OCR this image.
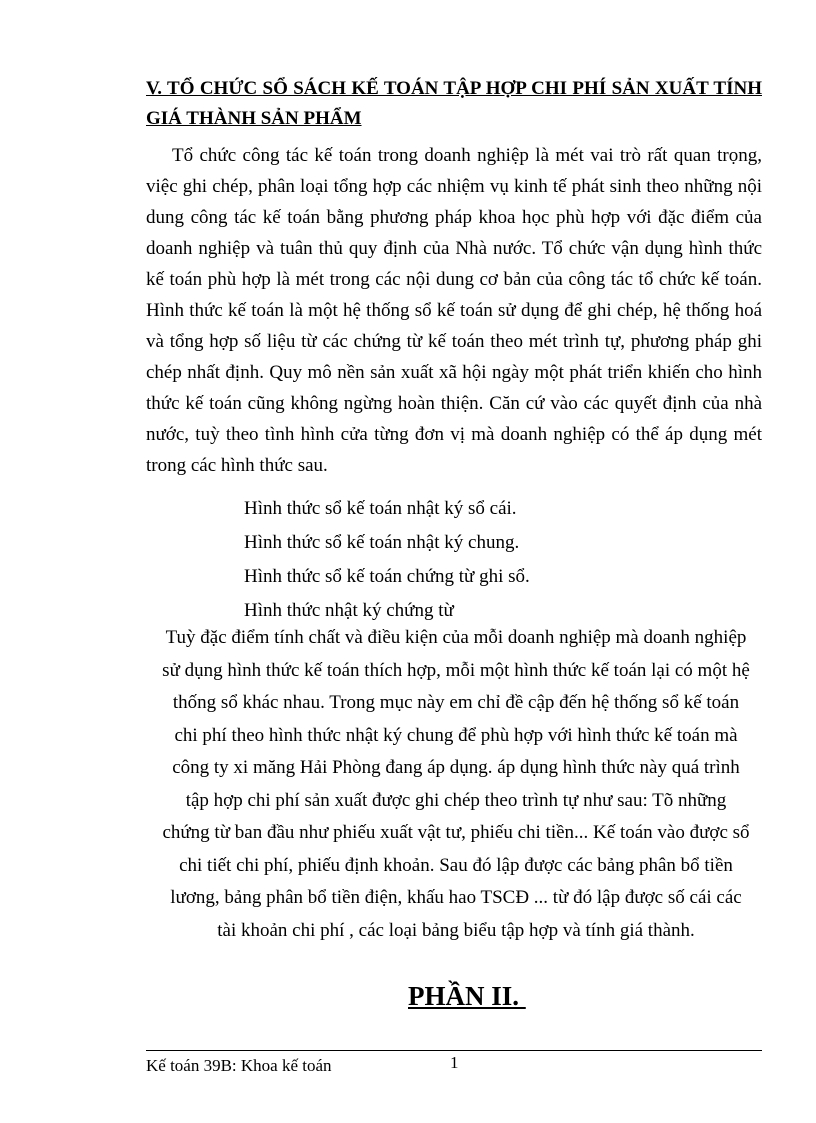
V. TỔ CHỨC SỔ SÁCH KẾ TOÁN TẬP HỢP CHI PHÍ SẢN XUẤT TÍNH GIÁ THÀNH SẢN PHẨM

Tổ chức công tác kế toán trong doanh nghiệp là mét vai trò rất quan trọng, việc ghi chép, phân loại tổng hợp các nhiệm vụ kinh tế phát sinh theo những nội dung công tác kế toán bằng phương pháp khoa học phù hợp với đặc điểm của doanh nghiệp và tuân thủ quy định của Nhà nước. Tổ chức vận dụng hình thức kế toán phù hợp là mét trong các nội dung cơ bản của công tác tổ chức kế toán. Hình thức kế toán là một hệ thống sổ kế toán sử dụng để ghi chép, hệ thống hoá và tổng hợp số liệu từ các chứng từ kế toán theo mét trình tự, phương pháp ghi chép nhất định. Quy mô nền sản xuất xã hội ngày một phát triển khiến cho hình thức kế toán cũng không ngừng hoàn thiện. Căn cứ vào các quyết định của nhà nước, tuỳ theo tình hình cửa từng đơn vị mà doanh nghiệp có thể áp dụng mét trong các hình thức sau.

Hình thức sổ kế toán nhật ký sổ cái.
Hình thức sổ kế toán nhật ký chung.
Hình thức sổ kế toán chứng từ ghi sổ.
Hình thức nhật ký chứng từ

Tuỳ đặc điểm tính chất và điều kiện của mỗi doanh nghiệp mà doanh nghiệp sử dụng hình thức kế toán thích hợp, mỗi một hình thức kế toán lại có một hệ thống sổ khác nhau. Trong mục này em chỉ đề cập đến hệ thống sổ kế toán chi phí theo hình thức nhật ký chung để phù hợp với hình thức kế toán mà công ty xi măng Hải Phòng đang áp dụng. áp dụng hình thức này quá trình tập hợp chi phí sản xuất được ghi chép theo trình tự như sau: Tõ những chứng từ ban đầu như phiếu xuất vật tư, phiếu chi tiền... Kế toán vào được sổ chi tiết chi phí, phiếu định khoản. Sau đó lập được các bảng phân bổ tiền lương, bảng phân bổ tiền điện, khấu hao TSCĐ ... từ đó lập được số cái các tài khoản chi phí , các loại bảng biểu tập hợp và tính giá thành.

PHẦN II.
Kế toán 39B: Khoa kế toán	1
